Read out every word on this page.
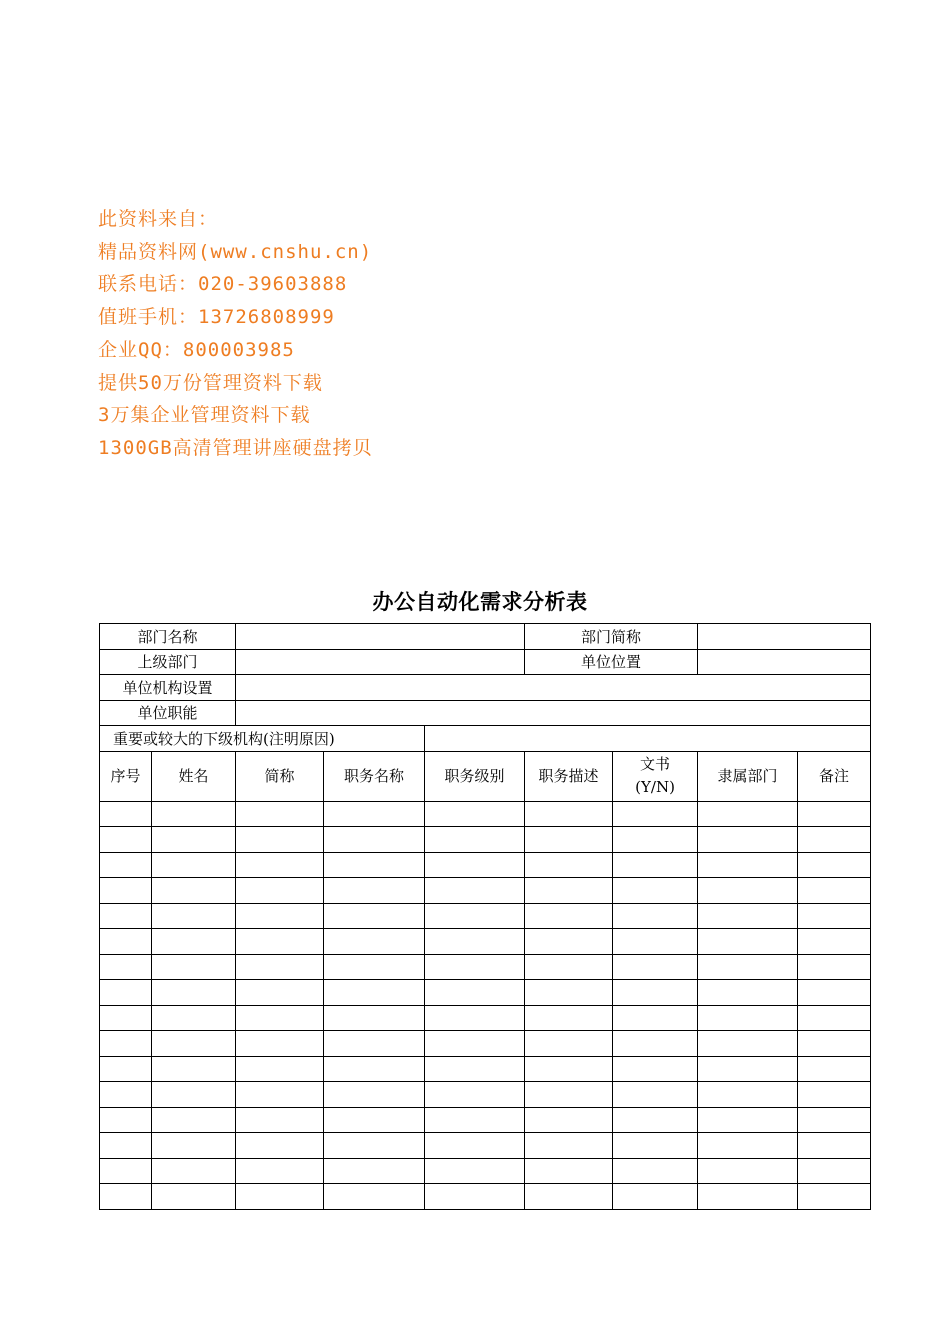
此资料来自：
精品资料网(www.cnshu.cn)
联系电话：020-39603888
值班手机：13726808999
企业QQ：800003985
提供50万份管理资料下载
3万集企业管理资料下载
1300GB高清管理讲座硬盘拷贝
办公自动化需求分析表
部门名称					部门简称			
上级部门					单位位置			
单位机构设置								
单位职能								
重要或较大的下级机构(注明原因)								
序号	姓名	简称	职务名称	职务级别	职务描述	文书(Y/N)	隶属部门	备注
